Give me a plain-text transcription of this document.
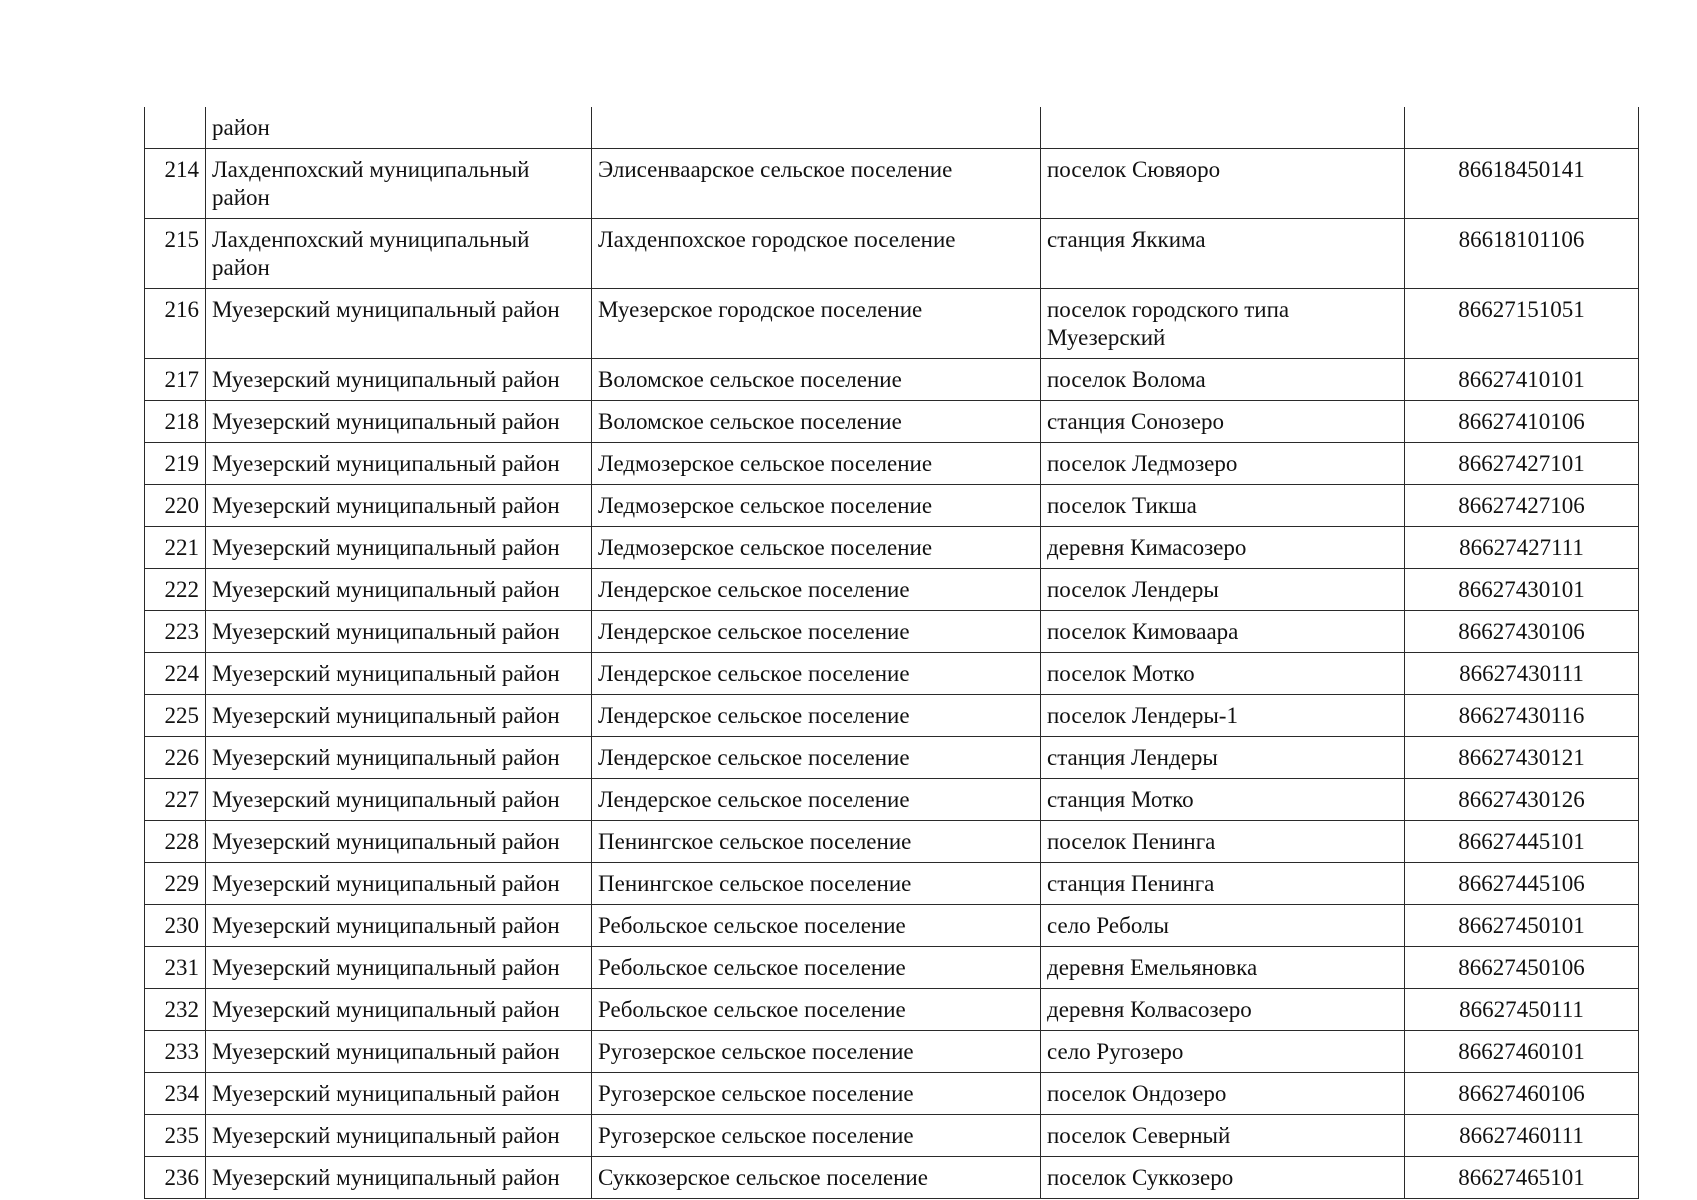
	район			
214	Лахденпохский муниципальный район	Элисенваарское сельское поселение	поселок Сювяоро	86618450141
215	Лахденпохский муниципальный район	Лахденпохское городское поселение	станция Яккима	86618101106
216	Муезерский муниципальный район	Муезерское городское поселение	поселок городского типа Муезерский	86627151051
217	Муезерский муниципальный район	Воломское сельское поселение	поселок Волома	86627410101
218	Муезерский муниципальный район	Воломское сельское поселение	станция Сонозеро	86627410106
219	Муезерский муниципальный район	Ледмозерское сельское поселение	поселок Ледмозеро	86627427101
220	Муезерский муниципальный район	Ледмозерское сельское поселение	поселок Тикша	86627427106
221	Муезерский муниципальный район	Ледмозерское сельское поселение	деревня Кимасозеро	86627427111
222	Муезерский муниципальный район	Лендерское сельское поселение	поселок Лендеры	86627430101
223	Муезерский муниципальный район	Лендерское сельское поселение	поселок Кимоваара	86627430106
224	Муезерский муниципальный район	Лендерское сельское поселение	поселок Мотко	86627430111
225	Муезерский муниципальный район	Лендерское сельское поселение	поселок Лендеры-1	86627430116
226	Муезерский муниципальный район	Лендерское сельское поселение	станция Лендеры	86627430121
227	Муезерский муниципальный район	Лендерское сельское поселение	станция Мотко	86627430126
228	Муезерский муниципальный район	Пенингское сельское поселение	поселок Пенинга	86627445101
229	Муезерский муниципальный район	Пенингское сельское поселение	станция Пенинга	86627445106
230	Муезерский муниципальный район	Ребольское сельское поселение	село Реболы	86627450101
231	Муезерский муниципальный район	Ребольское сельское поселение	деревня Емельяновка	86627450106
232	Муезерский муниципальный район	Ребольское сельское поселение	деревня Колвасозеро	86627450111
233	Муезерский муниципальный район	Ругозерское сельское поселение	село Ругозеро	86627460101
234	Муезерский муниципальный район	Ругозерское сельское поселение	поселок Ондозеро	86627460106
235	Муезерский муниципальный район	Ругозерское сельское поселение	поселок Северный	86627460111
236	Муезерский муниципальный район	Суккозерское сельское поселение	поселок Суккозеро	86627465101
